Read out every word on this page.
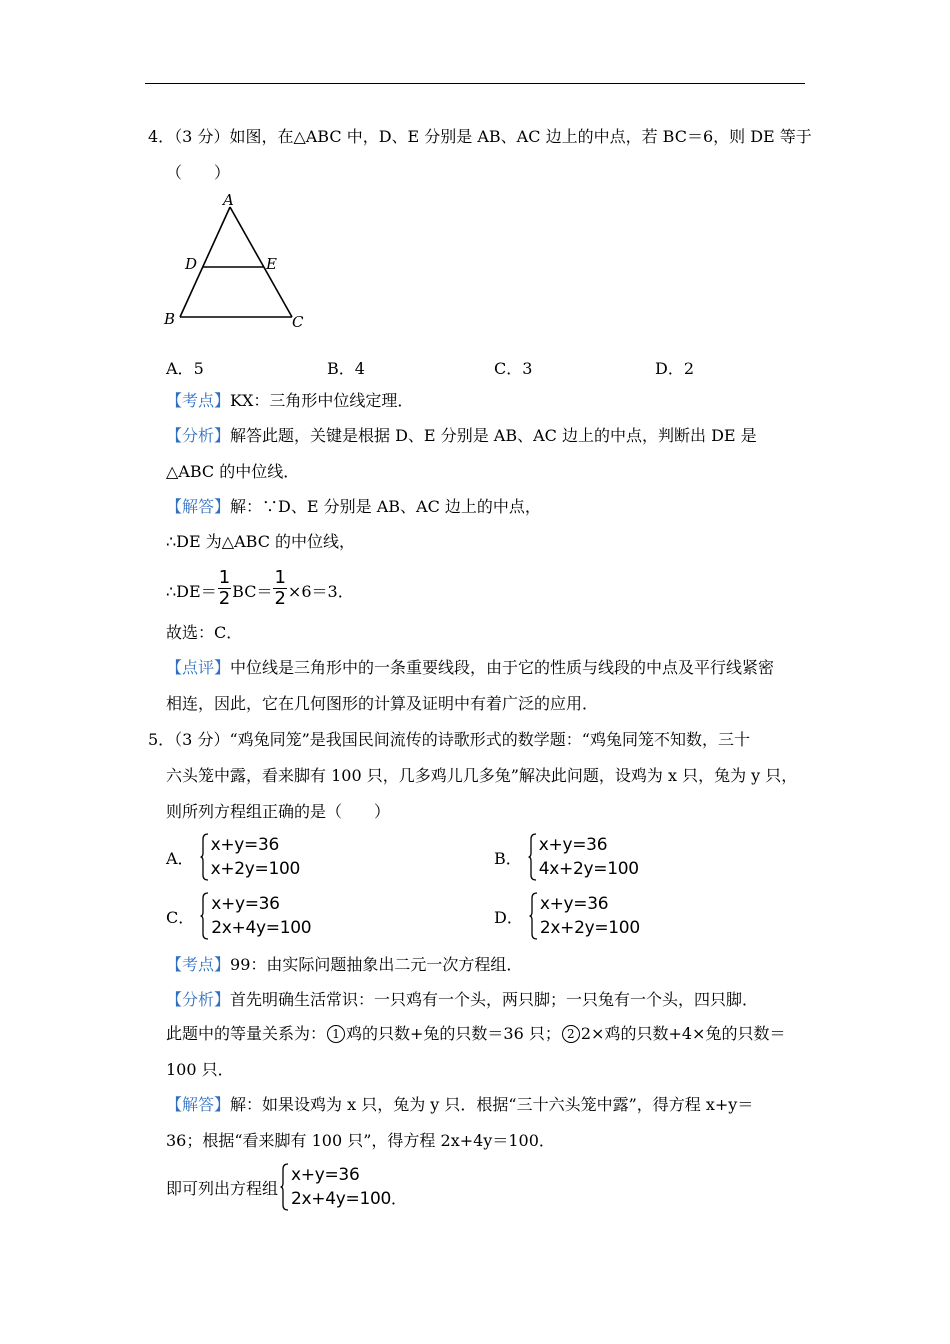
4．（3 分）如图，在△ABC 中，D、E 分别是 AB、AC 边上的中点，若 BC＝6，则 DE 等于
（　　）
A
D	E
B	C
A．5	B．4	C．3	D．2
【考点】KX：三角形中位线定理．
【分析】解答此题，关键是根据 D、E 分别是 AB、AC 边上的中点，判断出 DE 是
△ABC 的中位线．
【解答】解：∵D、E 分别是 AB、AC 边上的中点，
∴DE 为△ABC 的中位线，
∴DE＝ $\frac{1}{2} BC= \frac{1}{2} \times 6=3$．
故选：C．
【点评】中位线是三角形中的一条重要线段，由于它的性质与线段的中点及平行线紧密
相连，因此，它在几何图形的计算及证明中有着广泛的应用．
5．（3 分）“鸡兔同笼”是我国民间流传的诗歌形式的数学题：“鸡兔同笼不知数，三十
六头笼中露，看来脚有 100 只，几多鸡儿几多兔”解决此问题，设鸡为 x 只，兔为 y 只，
则所列方程组正确的是（　　）
A．
x+y=36
x+2y=100
B．
x+y=36
4x+2y=100
C．
x+y=36
2x+4y=100
D．
x+y=36
2x+2y=100
【考点】99：由实际问题抽象出二元一次方程组．
【分析】首先明确生活常识：一只鸡有一个头，两只脚；一只兔有一个头，四只脚．
此题中的等量关系为： 1 鸡的只数+兔的只数＝36 只； 2 2×鸡的只数+4×兔的只数＝
100 只．
【解答】解：如果设鸡为 x 只，兔为 y 只．根据“三十六头笼中露”，得方程 x+y＝
36；根据“看来脚有 100 只”，得方程 2x+4y＝100．
即可列出方程组
x+y=36
2x+4y=100 ．
